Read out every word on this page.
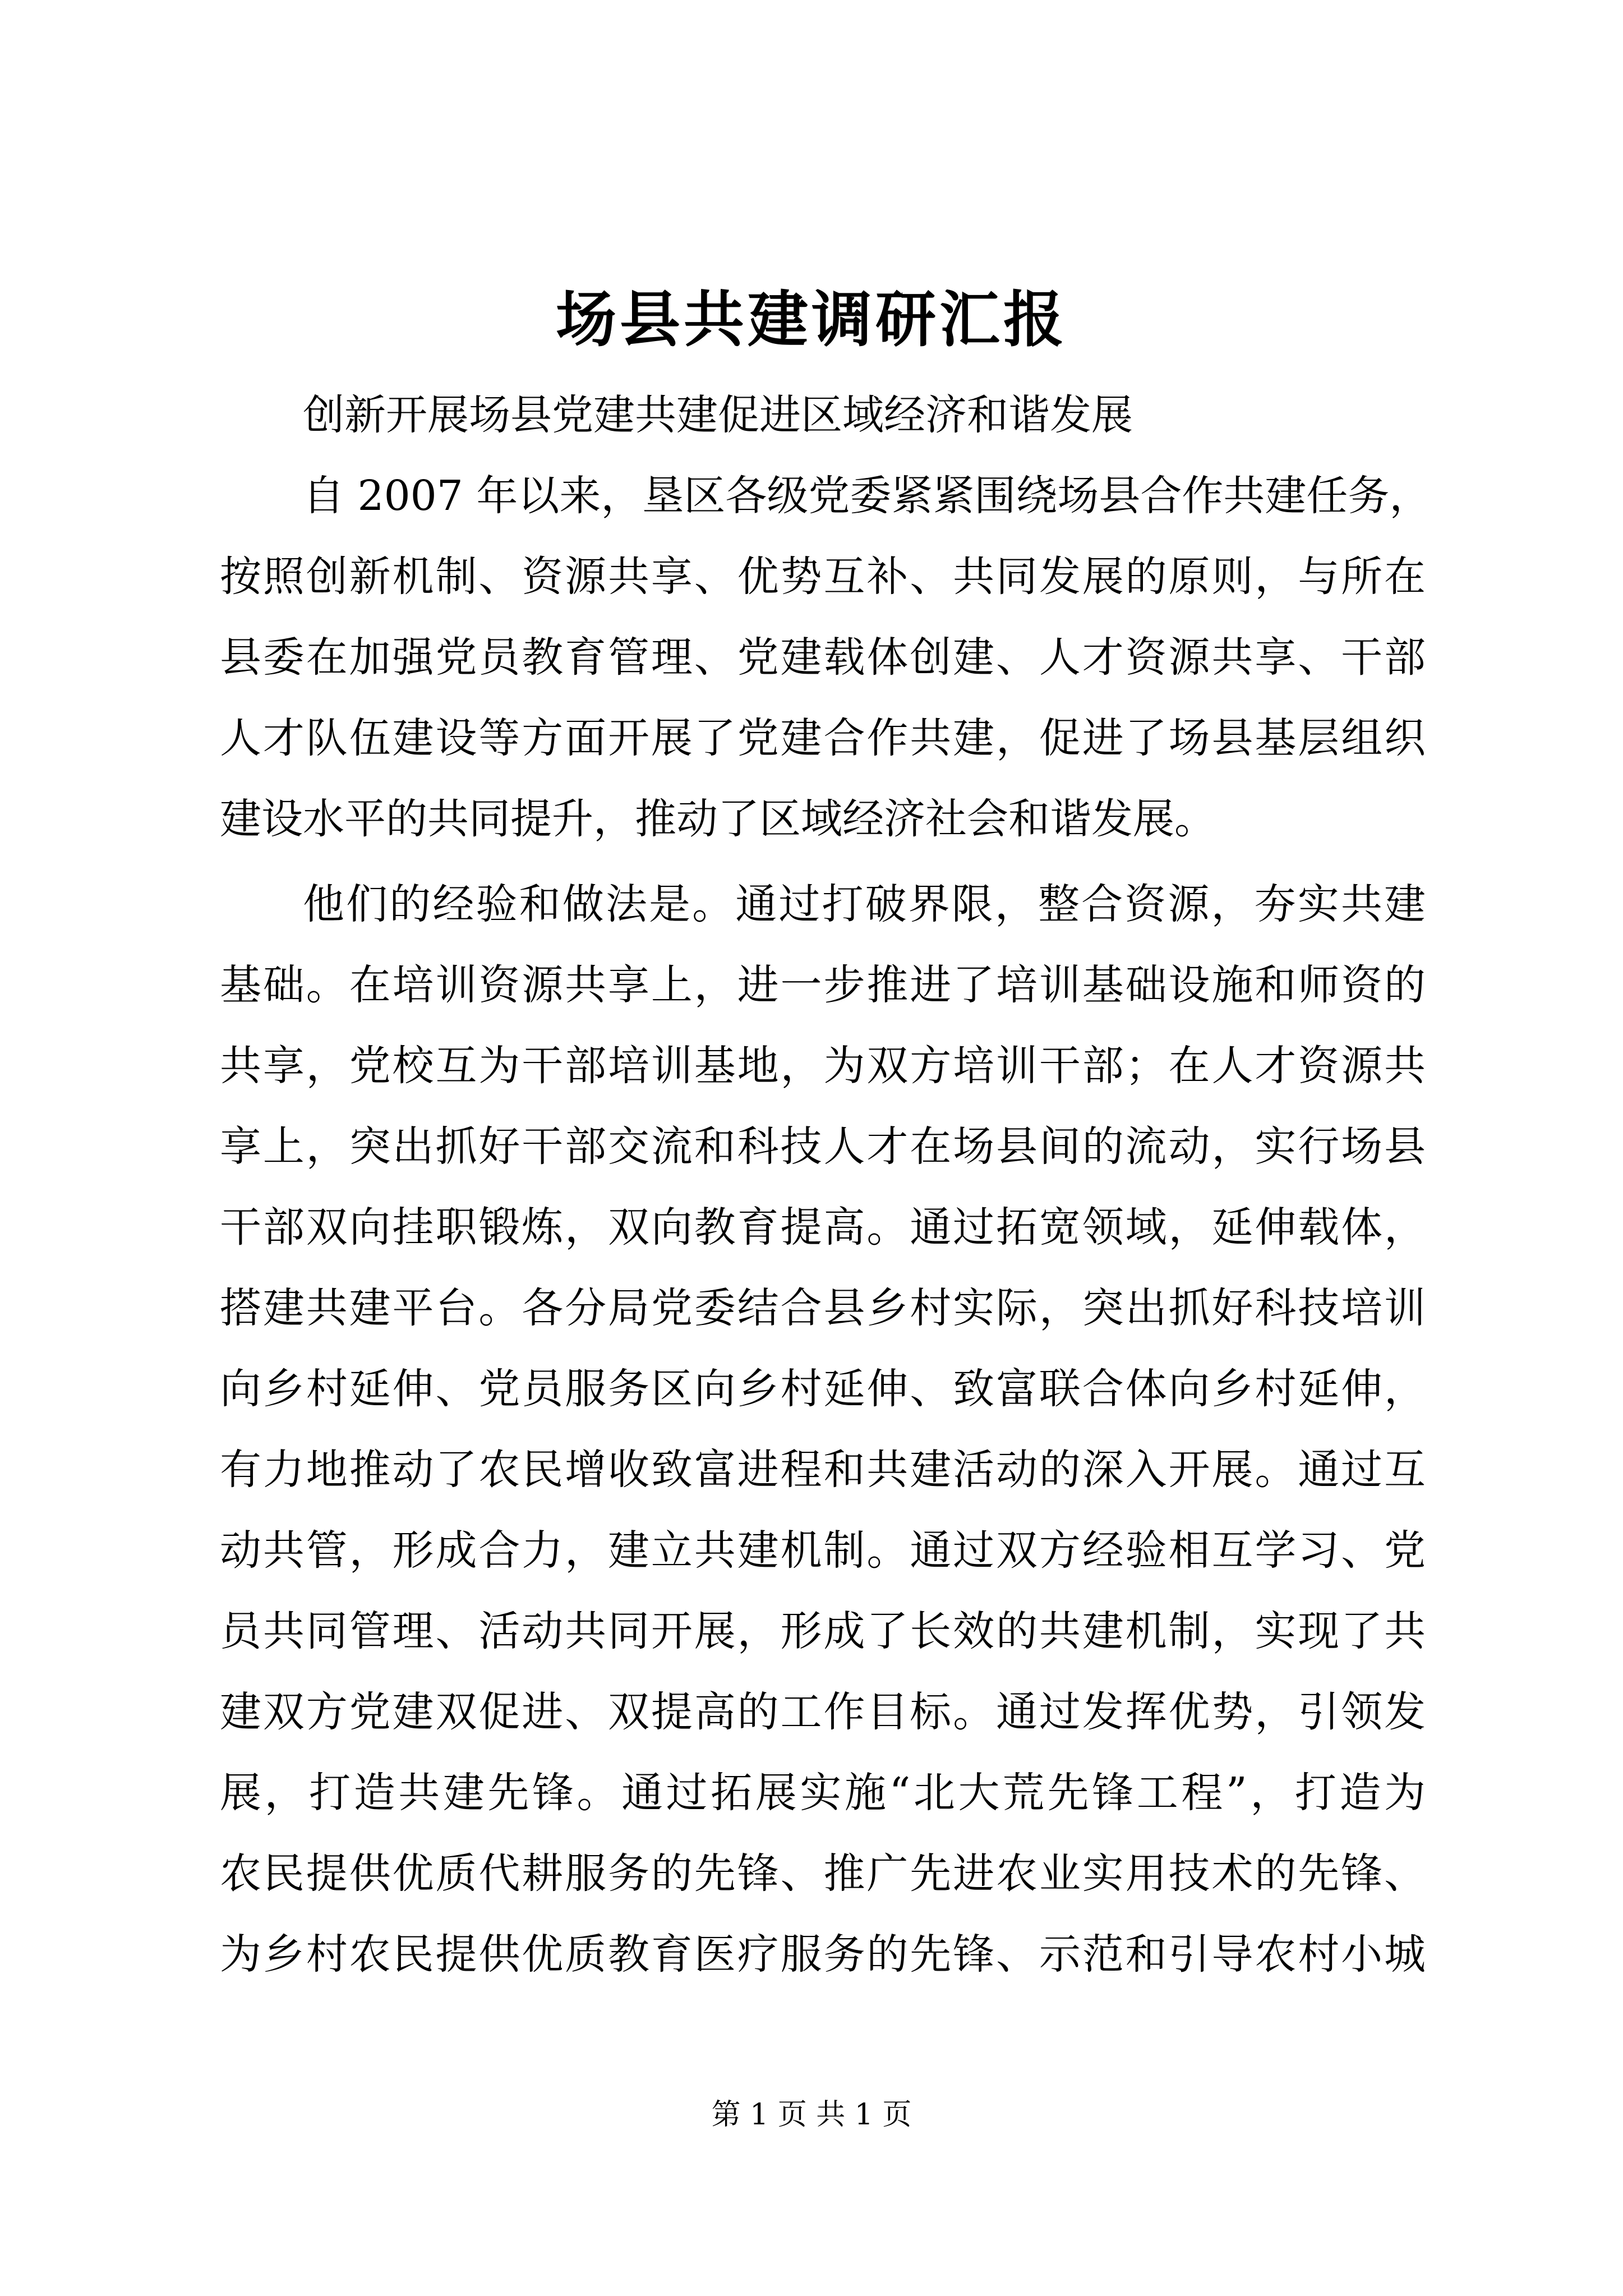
场县共建调研汇报

创新开展场县党建共建促进区域经济和谐发展

自 2007 年以来，垦区各级党委紧紧围绕场县合作共建任务，

按照创新机制、资源共享、优势互补、共同发展的原则，与所在

县委在加强党员教育管理、党建载体创建、人才资源共享、干部

人才队伍建设等方面开展了党建合作共建，促进了场县基层组织

建设水平的共同提升，推动了区域经济社会和谐发展。

他们的经验和做法是。通过打破界限，整合资源，夯实共建

基础。在培训资源共享上，进一步推进了培训基础设施和师资的

共享，党校互为干部培训基地，为双方培训干部；在人才资源共

享上，突出抓好干部交流和科技人才在场县间的流动，实行场县

干部双向挂职锻炼，双向教育提高。通过拓宽领域，延伸载体，

搭建共建平台。各分局党委结合县乡村实际，突出抓好科技培训

向乡村延伸、党员服务区向乡村延伸、致富联合体向乡村延伸，

有力地推动了农民增收致富进程和共建活动的深入开展。通过互

动共管，形成合力，建立共建机制。通过双方经验相互学习、党

员共同管理、活动共同开展，形成了长效的共建机制，实现了共

建双方党建双促进、双提高的工作目标。通过发挥优势，引领发

展，打造共建先锋。通过拓展实施“北大荒先锋工程”，打造为

农民提供优质代耕服务的先锋、推广先进农业实用技术的先锋、

为乡村农民提供优质教育医疗服务的先锋、示范和引导农村小城

第 1 页 共 1 页
